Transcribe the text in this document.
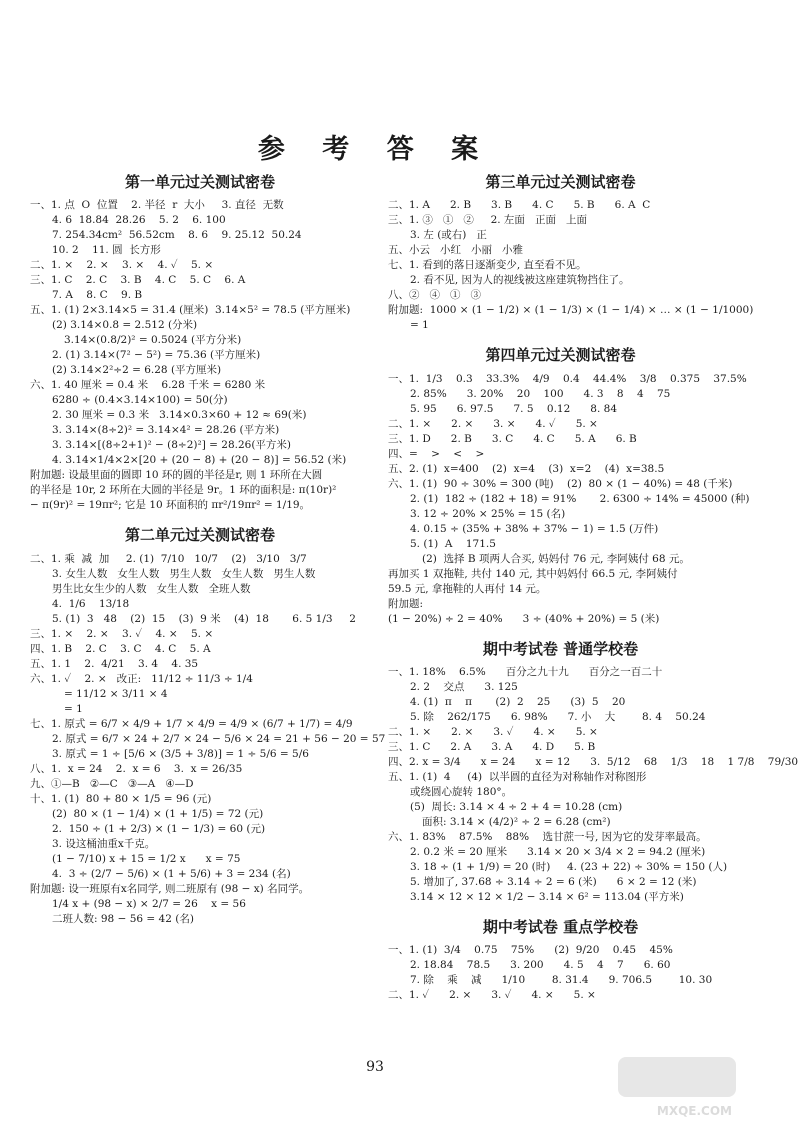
参 考 答 案
第一单元过关测试密卷
一、1. 点  O  位置    2. 半径  r  大小     3. 直径  无数
4. 6  18.84  28.26    5. 2    6. 100
7. 254.34cm²  56.52cm    8. 6    9. 25.12  50.24
10. 2    11. 圆  长方形
二、1. ×    2. ×    3. ×    4. ✓    5. ×
三、1. C    2. C    3. B    4. C    5. C    6. A
7. A    8. C    9. B
五、1. (1) 2×3.14×5 = 31.4 (厘米)  3.14×5² = 78.5 (平方厘米)
(2) 3.14×0.8 = 2.512 (分米)
3.14×(0.8/2)² = 0.5024 (平方分米)
2. (1) 3.14×(7² − 5²) = 75.36 (平方厘米)
(2) 3.14×2²÷2 = 6.28 (平方厘米)
六、1. 40 厘米 = 0.4 米    6.28 千米 = 6280 米
6280 ÷ (0.4×3.14×100) = 50(分)
2. 30 厘米 = 0.3 米   3.14×0.3×60 + 12 ≈ 69(米)
3. 3.14×(8÷2)² = 3.14×4² = 28.26 (平方米)
3. 3.14×[(8÷2+1)² − (8÷2)²] = 28.26(平方米)
4. 3.14×1/4×2×[20 + (20 − 8) + (20 − 8)] = 56.52 (米)
附加题: 设最里面的圆即 10 环的圆的半径是r, 则 1 环所在大圆
的半径是 10r, 2 环所在大圆的半径是 9r。1 环的面积是: π(10r)²
− π(9r)² = 19πr²; 它是 10 环面积的 πr²/19πr² = 1/19。
第二单元过关测试密卷
二、1. 乘  减  加     2. (1)  7/10   10/7    (2)   3/10   3/7
3. 女生人数   女生人数   男生人数   女生人数   男生人数
男生比女生少的人数   女生人数   全班人数
4.  1/6    13/18
5. (1)  3   48    (2)  15    (3)  9 米    (4)  18       6. 5 1/3     2
三、1. ×    2. ×    3. ✓    4. ×    5. ×
四、1. B    2. C    3. C    4. C    5. A
五、1. 1    2.  4/21    3. 4    4. 35
六、1. ✓    2. ×   改正:   11/12 ÷ 11/3 ÷ 1/4
= 11/12 × 3/11 × 4
= 1
七、1. 原式 = 6/7 × 4/9 + 1/7 × 4/9 = 4/9 × (6/7 + 1/7) = 4/9
2. 原式 = 6/7 × 24 + 2/7 × 24 − 5/6 × 24 = 21 + 56 − 20 = 57
3. 原式 = 1 ÷ [5/6 × (3/5 + 3/8)] = 1 ÷ 5/6 = 5/6
八、1.  x = 24    2.  x = 6    3.  x = 26/35
九、①—B   ②—C   ③—A   ④—D
十、1. (1)  80 + 80 × 1/5 = 96 (元)
(2)  80 × (1 − 1/4) × (1 + 1/5) = 72 (元)
2.  150 ÷ (1 + 2/3) × (1 − 1/3) = 60 (元)
3. 设这桶油重x千克。
(1 − 7/10) x + 15 = 1/2 x      x = 75
4.  3 ÷ (2/7 − 5/6) × (1 + 5/6) + 3 = 234 (名)
附加题: 设一班原有x名同学, 则二班原有 (98 − x) 名同学。
1/4 x + (98 − x) × 2/7 = 26    x = 56
二班人数: 98 − 56 = 42 (名)
第三单元过关测试密卷
二、1. A      2. B      3. B      4. C      5. B      6. A  C
三、1. ③   ①   ②     2. 左面   正面   上面
3. 左 (或右)   正
五、小云   小红   小丽   小雅
七、1. 看到的落日逐渐变少, 直至看不见。
2. 看不见, 因为人的视线被这座建筑物挡住了。
八、②   ④   ①   ③
附加题:  1000 × (1 − 1/2) × (1 − 1/3) × (1 − 1/4) × … × (1 − 1/1000)
= 1
第四单元过关测试密卷
一、1.  1/3    0.3    33.3%    4/9    0.4̇    44.4%    3/8    0.375    37.5%
2. 85%      3. 20%    20    100      4. 3    8    4    75
5. 95      6. 97.5      7. 5    0.12      8. 84
二、1. ×      2. ×      3. ×      4. ✓      5. ×
三、1. D      2. B      3. C      4. C      5. A      6. B
四、=    >    <    >
五、2. (1)  x=400    (2)  x=4    (3)  x=2    (4)  x=38.5
六、1. (1)  90 ÷ 30% = 300 (吨)    (2)  80 × (1 − 40%) = 48 (千米)
2. (1)  182 ÷ (182 + 18) = 91%       2. 6300 ÷ 14% = 45000 (种)
3. 12 ÷ 20% × 25% = 15 (名)
4. 0.15 ÷ (35% + 38% + 37% − 1) = 1.5 (万件)
5. (1)  A    171.5
(2)  选择 B 项两人合买, 妈妈付 76 元, 李阿姨付 68 元。
再加买 1 双拖鞋, 共付 140 元, 其中妈妈付 66.5 元, 李阿姨付
59.5 元, 拿拖鞋的人再付 14 元。
附加题:
(1 − 20%) ÷ 2 = 40%      3 ÷ (40% + 20%) = 5 (米)
期中考试卷 普通学校卷
一、1. 18%    6.5%      百分之九十九      百分之一百二十
2. 2    交点      3. 125
4. (1)  π    π       (2)  2    25      (3)  5    20
5. 除    262/175      6. 98%      7. 小    大        8. 4    50.24
二、1. ×      2. ×      3. ✓      4. ×      5. ×
三、1. C      2. A      3. A      4. D      5. B
四、2. x = 3/4      x = 24      x = 12      3.  5/12    68    1/3    18    1 7/8    79/30
五、1. (1)  4     (4)  以半圆的直径为对称轴作对称图形
或绕圆心旋转 180°。
(5)  周长: 3.14 × 4 ÷ 2 + 4 = 10.28 (cm)
面积: 3.14 × (4/2)² ÷ 2 = 6.28 (cm²)
六、1. 83%    87.5%    88%    选甘蔗一号, 因为它的发芽率最高。
2. 0.2 米 = 20 厘米      3.14 × 20 × 3/4 × 2 = 94.2 (厘米)
3. 18 ÷ (1 + 1/9) = 20 (时)     4. (23 + 22) ÷ 30% = 150 (人)
5. 增加了, 37.68 ÷ 3.14 ÷ 2 = 6 (米)      6 × 2 = 12 (米)
3.14 × 12 × 12 × 1/2 − 3.14 × 6² = 113.04 (平方米)
期中考试卷 重点学校卷
一、1. (1)  3/4    0.75    75%      (2)  9/20    0.45    45%
2. 18.84    78.5      3. 200      4. 5    4    7      6. 60
7. 除    乘    减      1/10        8. 31.4      9. 706.5        10. 30
二、1. ✓      2. ×      3. ✓      4. ×      5. ×
93
MXQE.COM
